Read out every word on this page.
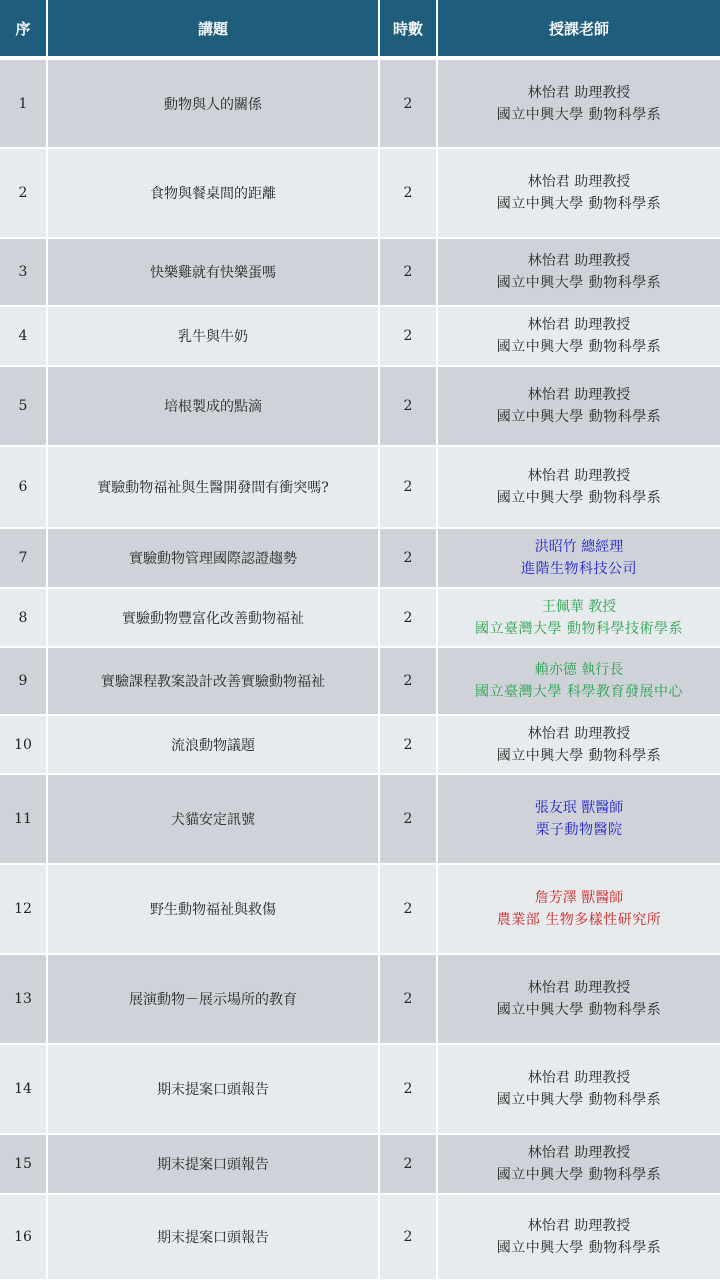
序	講題	時數	授課老師
1	動物與人的關係	2	林怡君 助理教授
國立中興大學 動物科學系

2	食物與餐桌間的距離	2	林怡君 助理教授
國立中興大學 動物科學系

3	快樂雞就有快樂蛋嗎	2	林怡君 助理教授
國立中興大學 動物科學系

4	乳牛與牛奶	2	林怡君 助理教授
國立中興大學 動物科學系

5	培根製成的點滴	2	林怡君 助理教授
國立中興大學 動物科學系

6	實驗動物福祉與生醫開發間有衝突嗎?	2	林怡君 助理教授
國立中興大學 動物科學系

7	實驗動物管理國際認證趨勢	2	洪昭竹 總經理
進階生物科技公司

8	實驗動物豐富化改善動物福祉	2	王佩華 教授
國立臺灣大學 動物科學技術學系

9	實驗課程教案設計改善實驗動物福祉	2	賴亦德 執行長
國立臺灣大學 科學教育發展中心

10	流浪動物議題	2	林怡君 助理教授
國立中興大學 動物科學系

11	犬貓安定訊號	2	張友珉 獸醫師
栗子動物醫院

12	野生動物福祉與救傷	2	詹芳澤 獸醫師
農業部 生物多樣性研究所

13	展演動物－展示場所的教育	2	林怡君 助理教授
國立中興大學 動物科學系

14	期末提案口頭報告	2	林怡君 助理教授
國立中興大學 動物科學系

15	期末提案口頭報告	2	林怡君 助理教授
國立中興大學 動物科學系

16	期末提案口頭報告	2	林怡君 助理教授
國立中興大學 動物科學系
